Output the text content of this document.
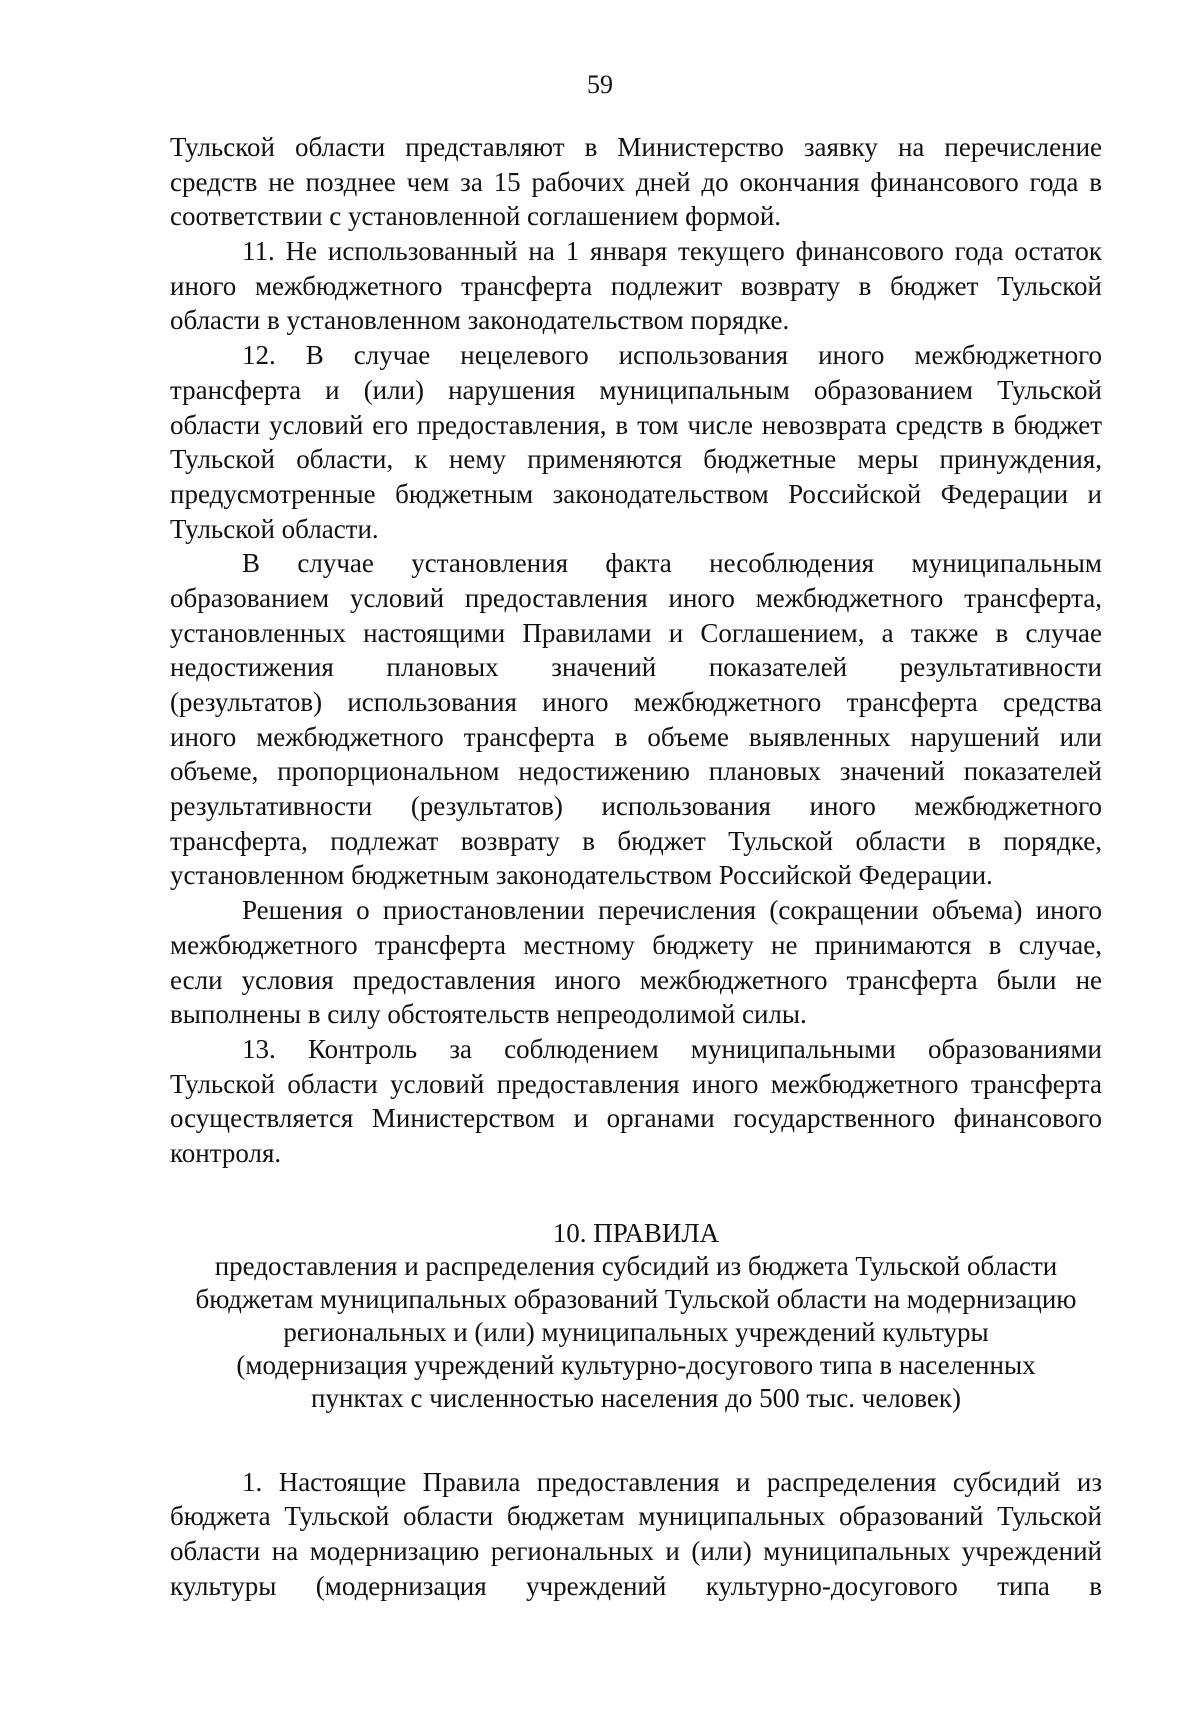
59
Тульской области представляют в Министерство заявку на перечисление
средств не позднее чем за 15 рабочих дней до окончания финансового года в
соответствии с установленной соглашением формой.
11. Не использованный на 1 января текущего финансового года остаток
иного межбюджетного трансферта подлежит возврату в бюджет Тульской
области в установленном законодательством порядке.
12. В случае нецелевого использования иного межбюджетного
трансферта и (или) нарушения муниципальным образованием Тульской
области условий его предоставления, в том числе невозврата средств в бюджет
Тульской области, к нему применяются бюджетные меры принуждения,
предусмотренные бюджетным законодательством Российской Федерации и
Тульской области.
В случае установления факта несоблюдения муниципальным
образованием условий предоставления иного межбюджетного трансферта,
установленных настоящими Правилами и Соглашением, а также в случае
недостижения плановых значений показателей результативности
(результатов) использования иного межбюджетного трансферта средства
иного межбюджетного трансферта в объеме выявленных нарушений или
объеме, пропорциональном недостижению плановых значений показателей
результативности (результатов) использования иного межбюджетного
трансферта, подлежат возврату в бюджет Тульской области в порядке,
установленном бюджетным законодательством Российской Федерации.
Решения о приостановлении перечисления (сокращении объема) иного
межбюджетного трансферта местному бюджету не принимаются в случае,
если условия предоставления иного межбюджетного трансферта были не
выполнены в силу обстоятельств непреодолимой силы.
13. Контроль за соблюдением муниципальными образованиями
Тульской области условий предоставления иного межбюджетного трансферта
осуществляется Министерством и органами государственного финансового
контроля.
10. ПРАВИЛА
предоставления и распределения субсидий из бюджета Тульской области
бюджетам муниципальных образований Тульской области на модернизацию
региональных и (или) муниципальных учреждений культуры
(модернизация учреждений культурно-досугового типа в населенных
пунктах с численностью населения до 500 тыс. человек)
1. Настоящие Правила предоставления и распределения субсидий из
бюджета Тульской области бюджетам муниципальных образований Тульской
области на модернизацию региональных и (или) муниципальных учреждений
культуры (модернизация учреждений культурно-досугового типа в
